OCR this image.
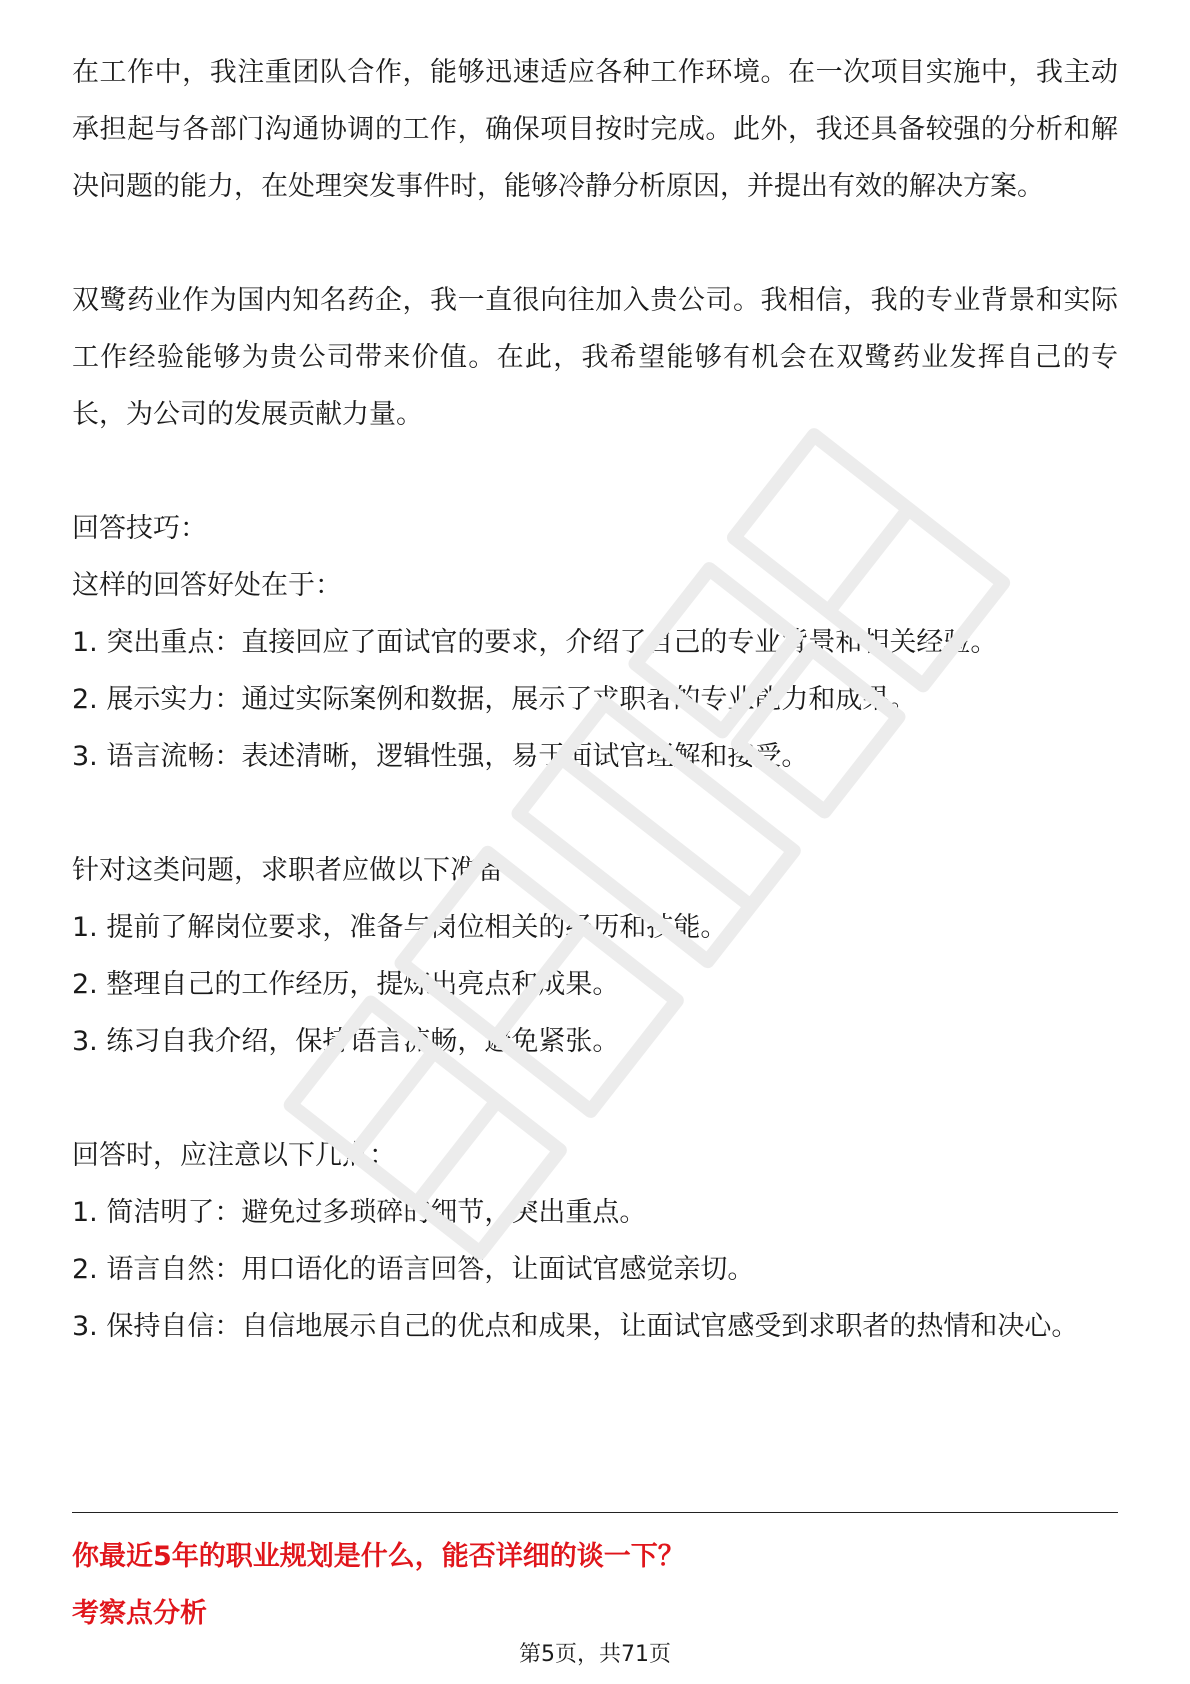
在工作中，我注重团队合作，能够迅速适应各种工作环境。在一次项目实施中，我主动承担起与各部门沟通协调的工作，确保项目按时完成。此外，我还具备较强的分析和解决问题的能力，在处理突发事件时，能够冷静分析原因，并提出有效的解决方案。

双鹭药业作为国内知名药企，我一直很向往加入贵公司。我相信，我的专业背景和实际工作经验能够为贵公司带来价值。在此，我希望能够有机会在双鹭药业发挥自己的专长，为公司的发展贡献力量。

回答技巧：

这样的回答好处在于：

1. 突出重点：直接回应了面试官的要求，介绍了自己的专业背景和相关经验。

2. 展示实力：通过实际案例和数据，展示了求职者的专业能力和成果。

3. 语言流畅：表述清晰，逻辑性强，易于面试官理解和接受。

针对这类问题，求职者应做以下准备：

1. 提前了解岗位要求，准备与岗位相关的经历和技能。

2. 整理自己的工作经历，提炼出亮点和成果。

3. 练习自我介绍，保持语言流畅，避免紧张。

回答时，应注意以下几点：

1. 简洁明了：避免过多琐碎的细节，突出重点。

2. 语言自然：用口语化的语言回答，让面试官感觉亲切。

3. 保持自信：自信地展示自己的优点和成果，让面试官感受到求职者的热情和决心。

你最近5年的职业规划是什么，能否详细的谈一下？
考察点分析
第5页，共71页
